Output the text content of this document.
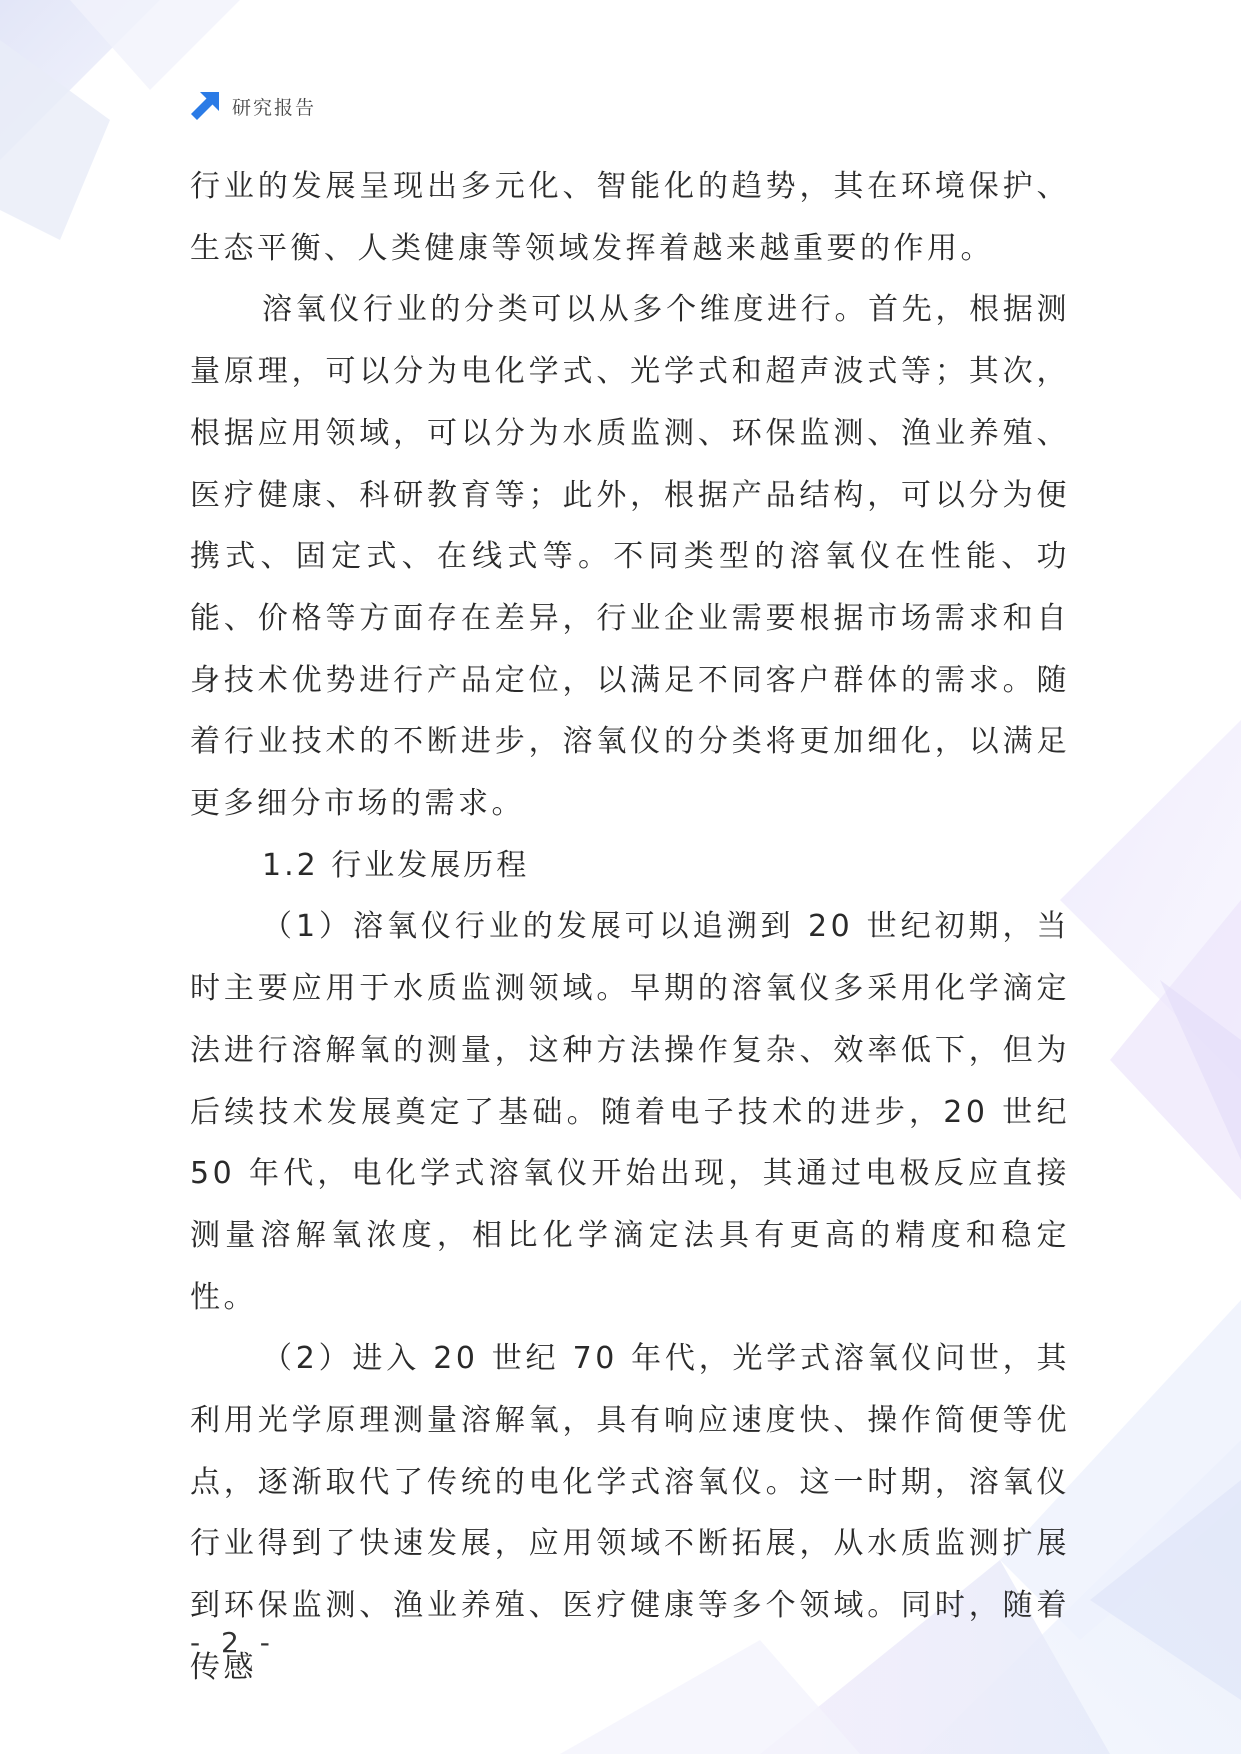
研究报告

行业的发展呈现出多元化、智能化的趋势，其在环境保护、生态平衡、人类健康等领域发挥着越来越重要的作用。

溶氧仪行业的分类可以从多个维度进行。首先，根据测量原理，可以分为电化学式、光学式和超声波式等；其次，根据应用领域，可以分为水质监测、环保监测、渔业养殖、医疗健康、科研教育等；此外，根据产品结构，可以分为便携式、固定式、在线式等。不同类型的溶氧仪在性能、功能、价格等方面存在差异，行业企业需要根据市场需求和自身技术优势进行产品定位，以满足不同客户群体的需求。随着行业技术的不断进步，溶氧仪的分类将更加细化，以满足更多细分市场的需求。

1.2 行业发展历程

（1）溶氧仪行业的发展可以追溯到 20 世纪初期，当时主要应用于水质监测领域。早期的溶氧仪多采用化学滴定法进行溶解氧的测量，这种方法操作复杂、效率低下，但为后续技术发展奠定了基础。随着电子技术的进步，20 世纪 50 年代，电化学式溶氧仪开始出现，其通过电极反应直接测量溶解氧浓度，相比化学滴定法具有更高的精度和稳定性。

（2）进入 20 世纪 70 年代，光学式溶氧仪问世，其利用光学原理测量溶解氧，具有响应速度快、操作简便等优点，逐渐取代了传统的电化学式溶氧仪。这一时期，溶氧仪行业得到了快速发展，应用领域不断拓展，从水质监测扩展到环保监测、渔业养殖、医疗健康等多个领域。同时，随着传感

- 2 -
